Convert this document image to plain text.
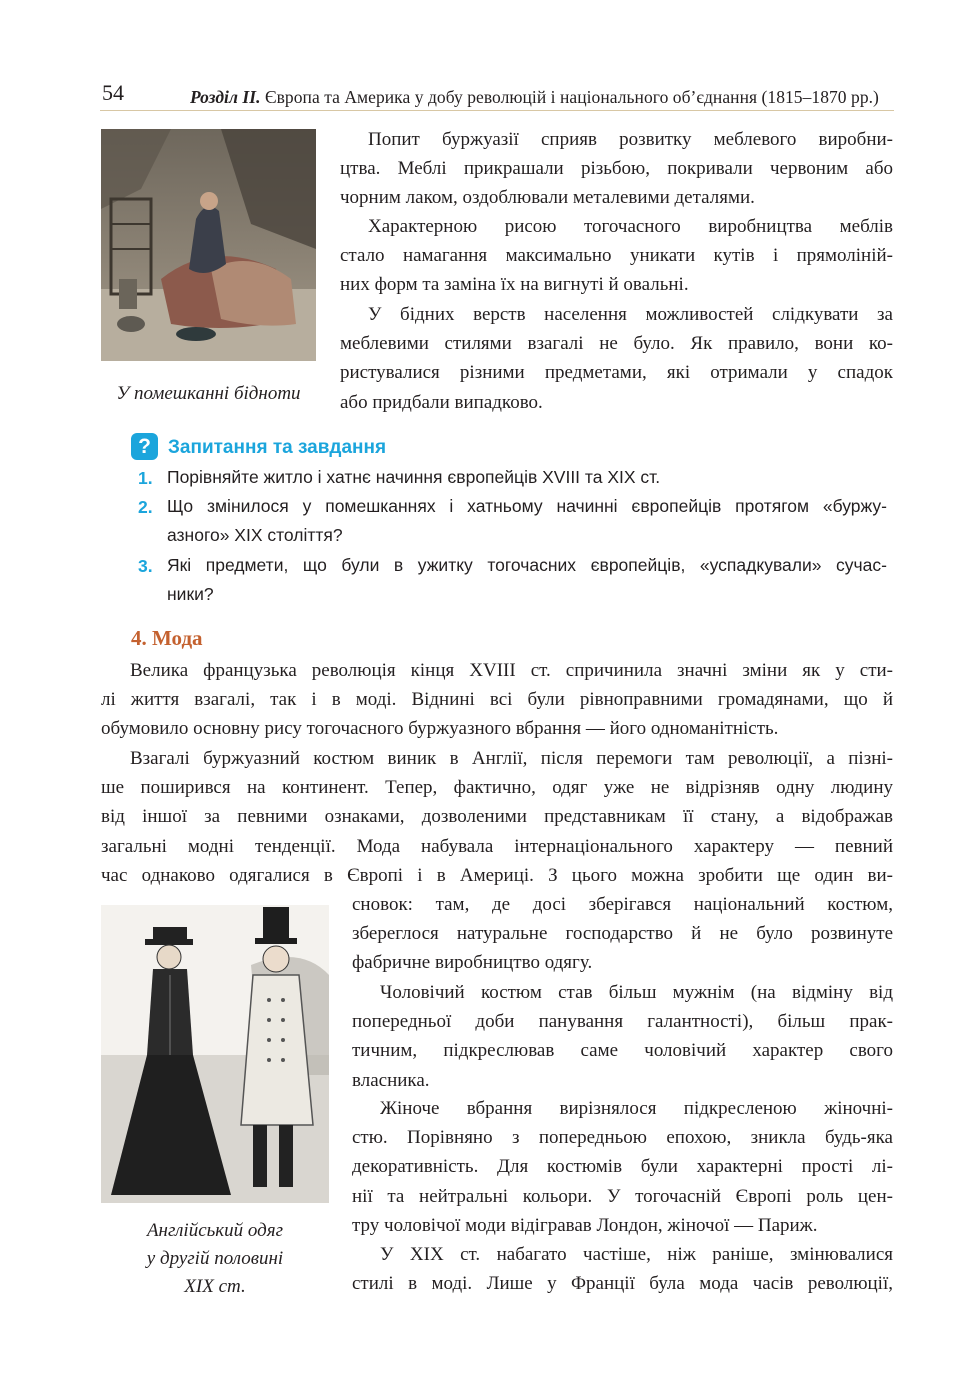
54	Розділ ІІ. Європа та Америка у добу революцій і національного об’єднання (1815–1870 рр.)
У помешканні бідноти
Попит буржуазії сприяв розвитку меблевого виробни-
цтва. Меблі прикрашали різьбою, покривали червоним або
чорним лаком, оздоблювали металевими деталями.
Характерною рисою тогочасного виробництва меблів
стало намагання максимально уникати кутів і прямоліній-
них форм та заміна їх на вигнуті й овальні.
У бідних верств населення можливостей слідкувати за
меблевими стилями взагалі не було. Як правило, вони ко-
ристувалися різними предметами, які отримали у спадок
або придбали випадково.
? Запитання та завдання
1. Порівняйте житло і хатнє начиння європейців XVIII та XIX ст.
2. Що змінилося у помешканнях і хатньому начинні європейців протягом «буржу-
азного» XIX століття?
3. Які предмети, що були в ужитку тогочасних європейців, «успадкували» сучас-
ники?
4. Мода
Велика французька революція кінця XVIII ст. спричинила значні зміни як у сти-
лі життя взагалі, так і в моді. Віднині всі були рівноправними громадянами, що й
обумовило основну рису тогочасного буржуазного вбрання — його одноманітність.
Взагалі буржуазний костюм виник в Англії, після перемоги там революції, а пізні-
ше поширився на континент. Тепер, фактично, одяг уже не відрізняв одну людину
від іншої за певними ознаками, дозволеними представникам її стану, а відображав
загальні модні тенденції. Мода набувала інтернаціонального характеру — певний
час однаково одягалися в Європі і в Америці. З цього можна зробити ще один ви-
Англійський одяг
у другій половині
XIX ст.
сновок: там, де досі зберігався національний костюм,
збереглося натуральне господарство й не було розвинуте
фабричне виробництво одягу.
Чоловічий костюм став більш мужнім (на відміну від
попередньої доби панування галантності), більш прак-
тичним, підкреслював саме чоловічий характер свого
власника.
Жіноче вбрання вирізнялося підкресленою жіночні-
стю. Порівняно з попередньою епохою, зникла будь-яка
декоративність. Для костюмів були характерні прості лі-
нії та нейтральні кольори. У тогочасній Європі роль цен-
тру чоловічої моди відігравав Лондон, жіночої — Париж.
У XIX ст. набагато частіше, ніж раніше, змінювалися
стилі в моді. Лише у Франції була мода часів революції,
